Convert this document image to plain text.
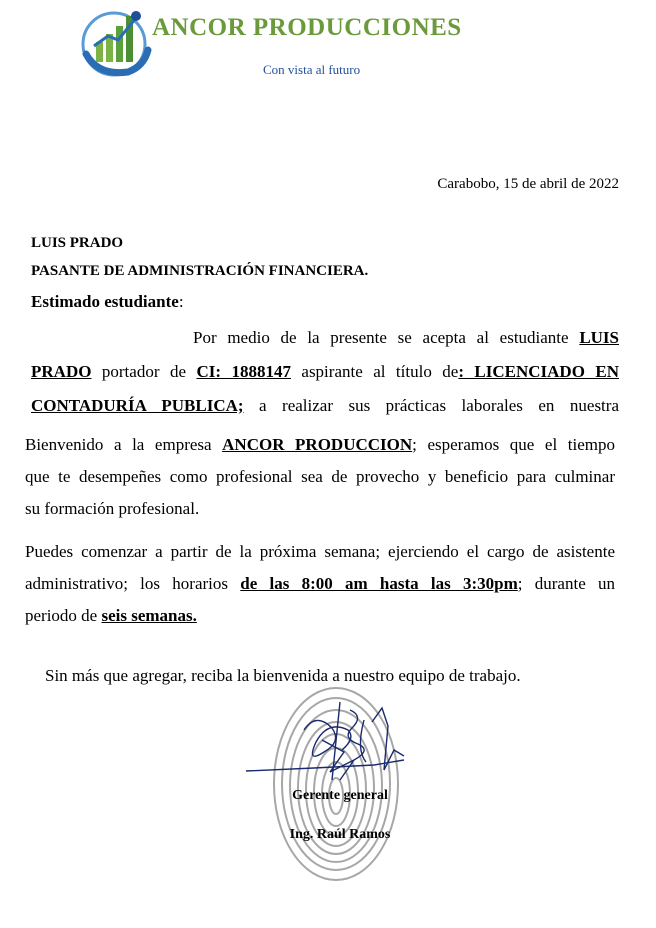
ANCOR PRODUCCIONES
Con vista al futuro
Carabobo, 15 de abril de 2022
LUIS PRADO
PASANTE DE ADMINISTRACIÓN FINANCIERA.
Estimado estudiante:
Por medio de la presente se acepta al estudiante LUIS
PRADO portador de CI: 1888147 aspirante al título de: LICENCIADO EN
CONTADURÍA PUBLICA; a realizar sus prácticas laborales en nuestra
Bienvenido a la empresa ANCOR PRODUCCION; esperamos que el tiempo
que te desempeñes como profesional sea de provecho y beneficio para culminar
su formación profesional.
Puedes comenzar a partir de la próxima semana; ejerciendo el cargo de asistente
administrativo; los horarios de las 8:00 am hasta las 3:30pm; durante un
periodo de seis semanas.
Sin más que agregar, reciba la bienvenida a nuestro equipo de trabajo.
Gerente general
Ing. Raúl Ramos
